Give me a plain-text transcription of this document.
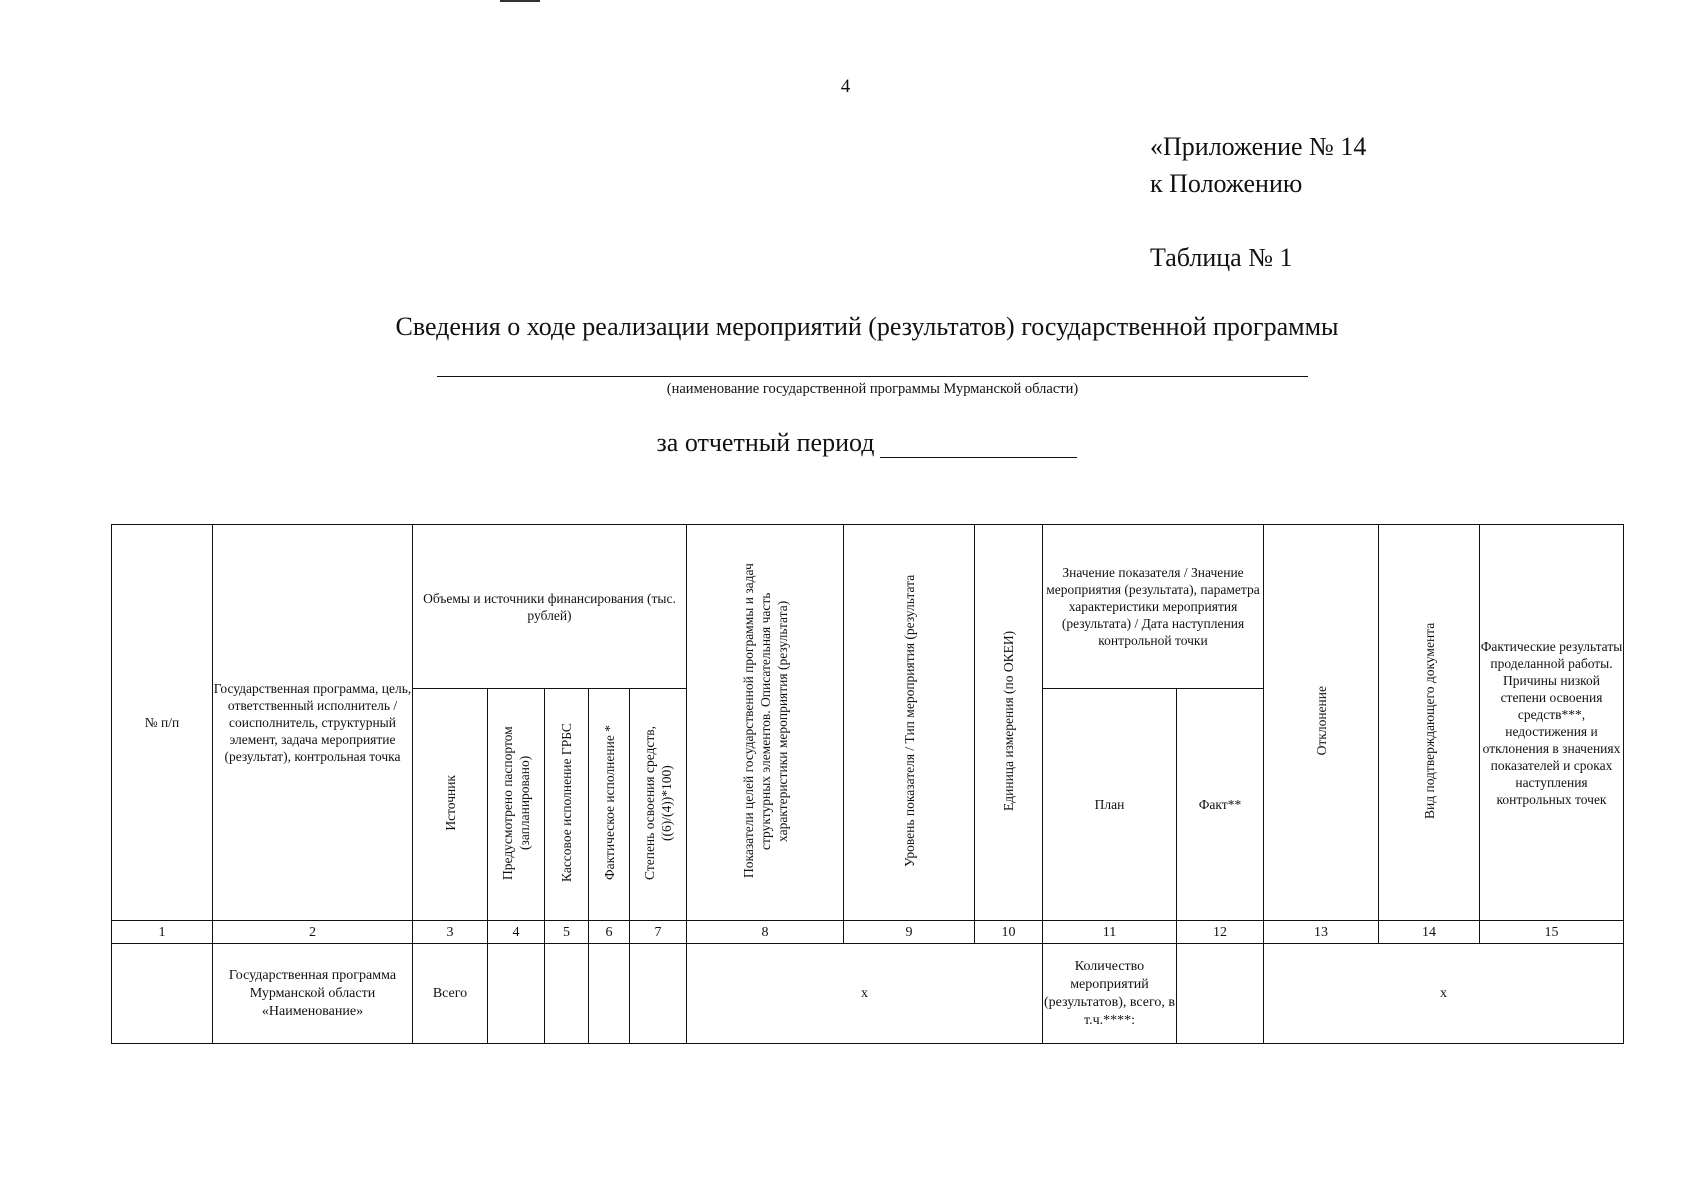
4
«Приложение № 14
к Положению
Таблица № 1
Сведения о ходе реализации мероприятий (результатов) государственной программы
(наименование государственной программы Мурманской области)
за отчетный период
№ п/п	Государственная программа, цель, ответственный исполнитель / соисполнитель, структурный элемент, задача мероприятие (результат), контрольная точка	Объемы и источники финансирования (тыс. рублей)					Показатели целей государственной программы и задач структурных элементов. Описательная часть характеристики мероприятия (результата)	Уровень показателя / Тип мероприятия (результата	Единица измерения (по ОКЕИ)	Значение показателя / Значение мероприятия (результата), параметра характеристики мероприятия (результата) / Дата наступления контрольной точки		Отклонение	Вид подтверждающего документа	Фактические результаты проделанной работы. Причины низкой степени освоения средств***, недостижения и отклонения в значениях показателей и сроках наступления контрольных точек
		Источник	Предусмотрено паспортом (запланировано)	Кассовое исполнение ГРБС	Фактическое исполнение *	Степень освоения средств, ((6)/(4))*100)				План	Факт**			
1	2	3	4	5	6	7	8	9	10	11	12	13	14	15
	Государственная программа Мурманской области «Наименование»	Всего					х			Количество мероприятий (результатов), всего, в т.ч.****:		х		
